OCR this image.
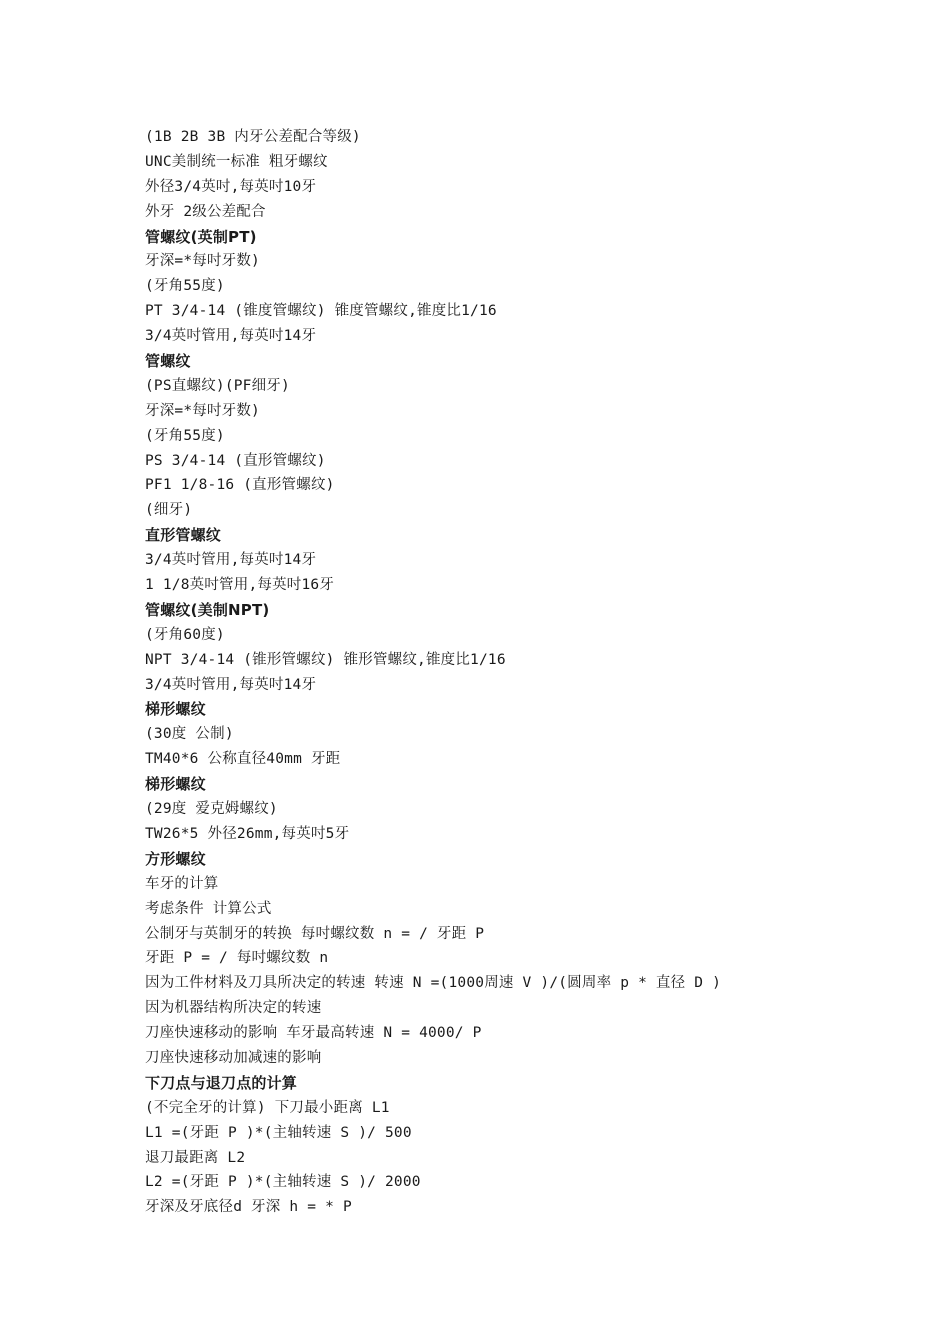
(1B 2B 3B 内牙公差配合等级)
UNC美制统一标准 粗牙螺纹
外径3/4英吋,每英吋10牙
外牙 2级公差配合
管螺纹(英制PT)
牙深=*每吋牙数)
(牙角55度)
PT 3/4-14 (锥度管螺纹) 锥度管螺纹,锥度比1/16
3/4英吋管用,每英吋14牙
管螺纹
(PS直螺纹)(PF细牙)
牙深=*每吋牙数)
(牙角55度)
PS 3/4-14 (直形管螺纹)
PF1 1/8-16 (直形管螺纹)
(细牙)
直形管螺纹
3/4英吋管用,每英吋14牙
1 1/8英吋管用,每英吋16牙
管螺纹(美制NPT)
(牙角60度)
NPT 3/4-14 (锥形管螺纹) 锥形管螺纹,锥度比1/16
3/4英吋管用,每英吋14牙
梯形螺纹
(30度 公制)
TM40*6 公称直径40mm 牙距
梯形螺纹
(29度 爱克姆螺纹)
TW26*5 外径26mm,每英吋5牙
方形螺纹
车牙的计算
考虑条件 计算公式
公制牙与英制牙的转换 每吋螺纹数 n = / 牙距 P
牙距 P = / 每吋螺纹数 n
因为工件材料及刀具所决定的转速 转速 N =(1000周速 V )/(圆周率 p * 直径 D )
因为机器结构所决定的转速
刀座快速移动的影响 车牙最高转速 N = 4000/ P
刀座快速移动加减速的影响
下刀点与退刀点的计算
(不完全牙的计算) 下刀最小距离 L1
L1 =(牙距 P )*(主轴转速 S )/ 500
退刀最距离 L2
L2 =(牙距 P )*(主轴转速 S )/ 2000
牙深及牙底径d 牙深 h = * P
